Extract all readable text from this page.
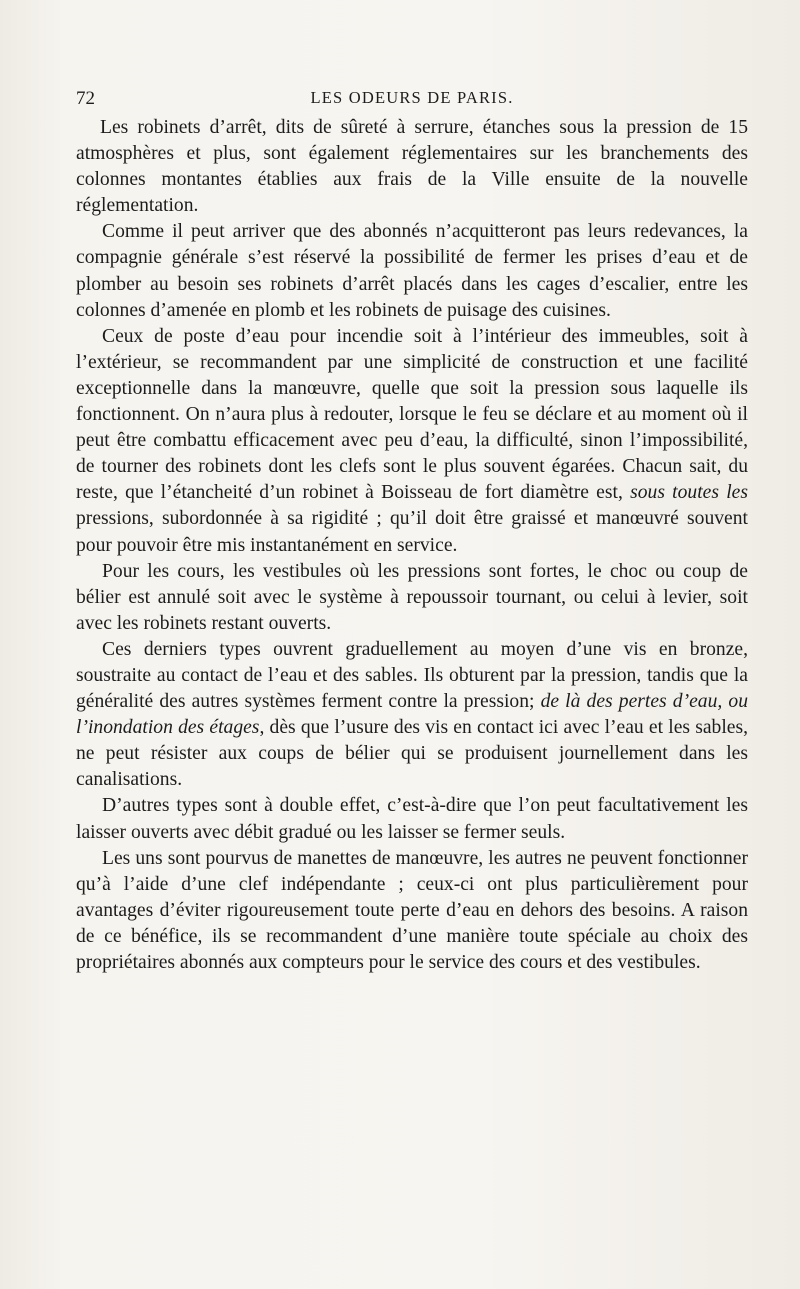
72	LES ODEURS DE PARIS.

Les robinets d’arrêt, dits de sûreté à serrure, étanches sous la pression de 15 atmosphères et plus, sont également réglementaires sur les branchements des colonnes montantes établies aux frais de la Ville ensuite de la nouvelle réglementation.

Comme il peut arriver que des abonnés n’acquitteront pas leurs redevances, la compagnie générale s’est réservé la possibilité de fermer les prises d’eau et de plomber au besoin ses robinets d’arrêt placés dans les cages d’escalier, entre les colonnes d’amenée en plomb et les robinets de puisage des cuisines.

Ceux de poste d’eau pour incendie soit à l’intérieur des immeubles, soit à l’extérieur, se recommandent par une simplicité de construction et une facilité exceptionnelle dans la manœuvre, quelle que soit la pression sous laquelle ils fonctionnent. On n’aura plus à redouter, lorsque le feu se déclare et au moment où il peut être combattu efficacement avec peu d’eau, la difficulté, sinon l’impossibilité, de tourner des robinets dont les clefs sont le plus souvent égarées. Chacun sait, du reste, que l’étancheité d’un robinet à Boisseau de fort diamètre est, sous toutes les pressions, subordonnée à sa rigidité ; qu’il doit être graissé et manœuvré souvent pour pouvoir être mis instantanément en service.

Pour les cours, les vestibules où les pressions sont fortes, le choc ou coup de bélier est annulé soit avec le système à repoussoir tournant, ou celui à levier, soit avec les robinets restant ouverts.

Ces derniers types ouvrent graduellement au moyen d’une vis en bronze, soustraite au contact de l’eau et des sables. Ils obturent par la pression, tandis que la généralité des autres systèmes ferment contre la pression; de là des pertes d’eau, ou l’inondation des étages, dès que l’usure des vis en contact ici avec l’eau et les sables, ne peut résister aux coups de bélier qui se produisent journellement dans les canalisations.

D’autres types sont à double effet, c’est-à-dire que l’on peut facultativement les laisser ouverts avec débit gradué ou les laisser se fermer seuls.

Les uns sont pourvus de manettes de manœuvre, les autres ne peuvent fonctionner qu’à l’aide d’une clef indépendante ; ceux-ci ont plus particulièrement pour avantages d’éviter rigoureusement toute perte d’eau en dehors des besoins. A raison de ce bénéfice, ils se recommandent d’une manière toute spéciale au choix des propriétaires abonnés aux compteurs pour le service des cours et des vestibules.
